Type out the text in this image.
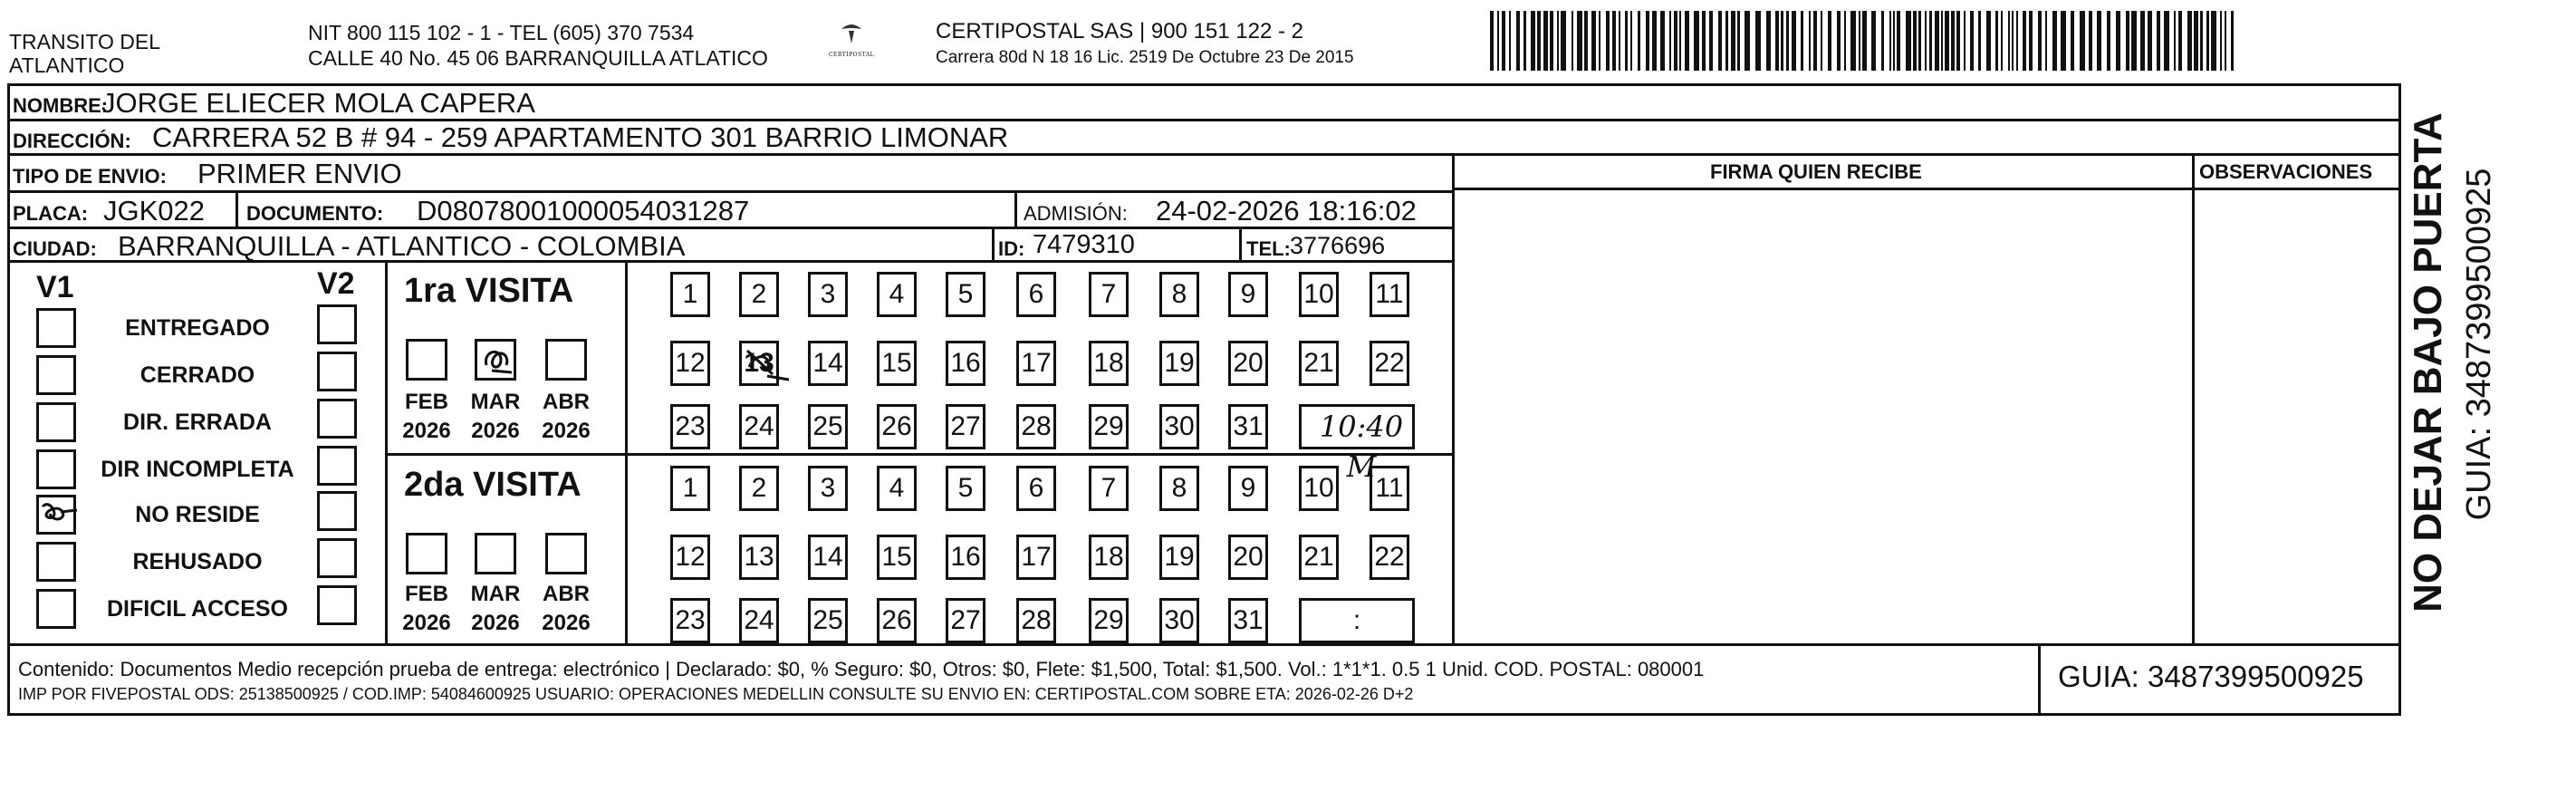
TRANSITO DEL
ATLANTICO
NIT 800 115 102 - 1 - TEL (605) 370 7534
CALLE 40 No. 45 06 BARRANQUILLA ATLATICO	CERTIPOSTAL
CERTIPOSTAL SAS | 900 151 122 - 2
Carrera 80d N 18 16 Lic. 2519 De Octubre 23 De 2015
NOMBRE:
JORGE ELIECER MOLA CAPERA
DIRECCIÓN: CARRERA 52 B # 94 - 259 APARTAMENTO 301 BARRIO LIMONAR
TIPO DE ENVIO: PRIMER ENVIO	FIRMA QUIEN RECIBE	OBSERVACIONES
PLACA: JGK022 DOCUMENTO: D08078001000054031287	ADMISIÓN: 24-02-2026 18:16:02
CIUDAD: BARRANQUILLA - ATLANTICO - COLOMBIA	ID: 7479310	TEL: 3776696
V1	V2
ENTREGADO
CERRADO
DIR. ERRADA
DIR INCOMPLETA
NO RESIDE
REHUSADO
DIFICIL ACCESO
1ra VISITA
2da VISITA
FEB
2026
MAR
2026
ABR
2026
FEB
2026
MAR
2026
ABR
2026
1	2	3	4	5	6	7	8	9	10 11
12 13 14 15 16 17 18 19 20 21 22
23 24 25 26 27 28 29 30 31	10:40 M
1	2	3	4	5	6	7	8	9	10 11
12 13 14 15 16 17 18 19 20 21 22
23 24 25 26 27 28 29 30 31	:
Contenido: Documentos Medio recepción prueba de entrega: electrónico | Declarado: $0, % Seguro: $0, Otros: $0, Flete: $1,500, Total: $1,500. Vol.: 1*1*1. 0.5 1 Unid. COD. POSTAL: 080001
IMP POR FIVEPOSTAL ODS: 25138500925 / COD.IMP: 54084600925 USUARIO: OPERACIONES MEDELLIN CONSULTE SU ENVIO EN: CERTIPOSTAL.COM SOBRE ETA: 2026-02-26 D+2
GUIA: 3487399500925
NO DEJAR BAJO PUERTA GUIA: 3487399500925
